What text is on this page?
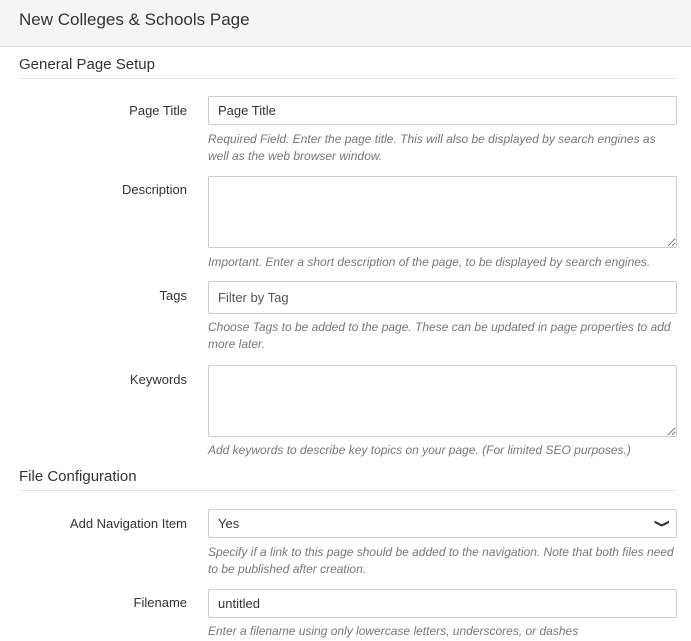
New Colleges & Schools Page
General Page Setup
Page Title
Page Title
Required Field. Enter the page title. This will also be displayed by search engines as well as the web browser window.
Description
Important. Enter a short description of the page, to be displayed by search engines.
Tags
Filter by Tag
Choose Tags to be added to the page. These can be updated in page properties to add more later.
Keywords
Add keywords to describe key topics on your page. (For limited SEO purposes.)
File Configuration
Add Navigation Item Yes	❯
Specify if a link to this page should be added to the navigation. Note that both files need to be published after creation.
Filename
untitled
Enter a filename using only lowercase letters, underscores, or dashes
